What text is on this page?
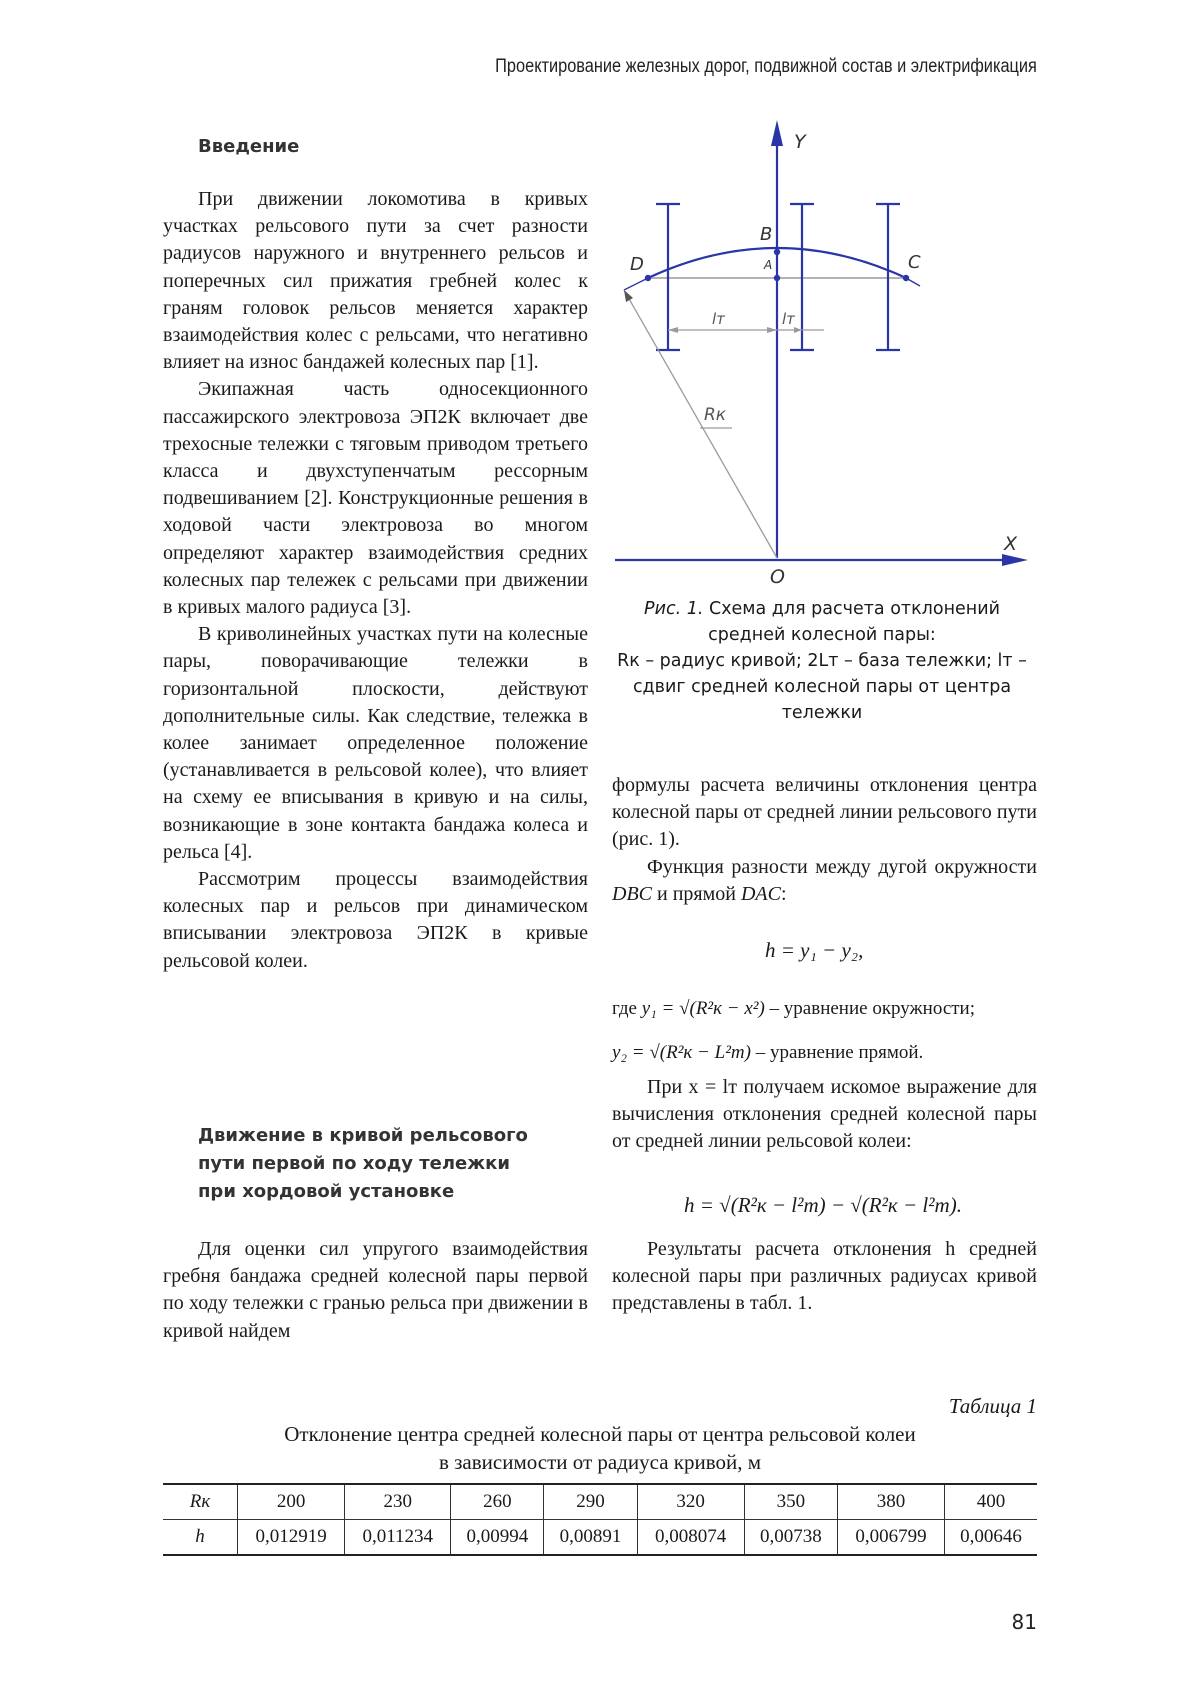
Проектирование железных дорог, подвижной состав и электрификация
Введение

При движении локомотива в кривых участках рельсового пути за счет разности радиусов наружного и внутреннего рельсов и поперечных сил прижатия гребней колес к граням головок рельсов меняется характер взаимодействия колес с рельсами, что негативно влияет на износ бандажей колесных пар [1].

Экипажная часть односекционного пассажирского электровоза ЭП2К включает две трехосные тележки с тяговым приводом третьего класса и двухступенчатым рессорным подвешиванием [2]. Конструкционные решения в ходовой части электровоза во многом определяют характер взаимодействия средних колесных пар тележек с рельсами при движении в кривых малого радиуса [3].

В криволинейных участках пути на колесные пары, поворачивающие тележки в горизонтальной плоскости, действуют дополнительные силы. Как следствие, тележка в колее занимает определенное положение (устанавливается в рельсовой колее), что влияет на схему ее вписывания в кривую и на силы, возникающие в зоне контакта бандажа колеса и рельса [4].

Рассмотрим процессы взаимодействия колесных пар и рельсов при динамическом вписывании электровоза ЭП2К в кривые рельсовой колеи.

Движение в кривой рельсового
пути первой по ходу тележки
при хордовой установке

Для оценки сил упругого взаимодействия гребня бандажа средней колесной пары первой по ходу тележки с гранью рельса при движении в кривой найдем

Y
X
O
B
A
D	C
lт	lт
Rк
Рис. 1. Схема для расчета отклонений
средней колесной пары:
Rк – радиус кривой; 2Lт – база тележки; lт –
сдвиг средней колесной пары от центра
тележки

формулы расчета величины отклонения центра колесной пары от средней линии рельсового пути (рис. 1).

Функция разности между дугой окружности DBC и прямой DAC:

h = y₁ − y₂,
где y₁ = √(R²к − x²) – уравнение окружности;
y₂ = √(R²к − L²т) – уравнение прямой.

При x = lт получаем искомое выражение для вычисления отклонения средней колесной пары от средней линии рельсовой колеи:

h = √(R²к − l²т) − √(R²к − l²т).

Результаты расчета отклонения h средней колесной пары при различных радиусах кривой представлены в табл. 1.

Таблица 1
Отклонение центра средней колесной пары от центра рельсовой колеи
в зависимости от радиуса кривой, м
Rк	200	230	260	290	320	350	380	400
h	0,012919	0,011234	0,00994	0,00891	0,008074	0,00738	0,006799	0,00646
81
